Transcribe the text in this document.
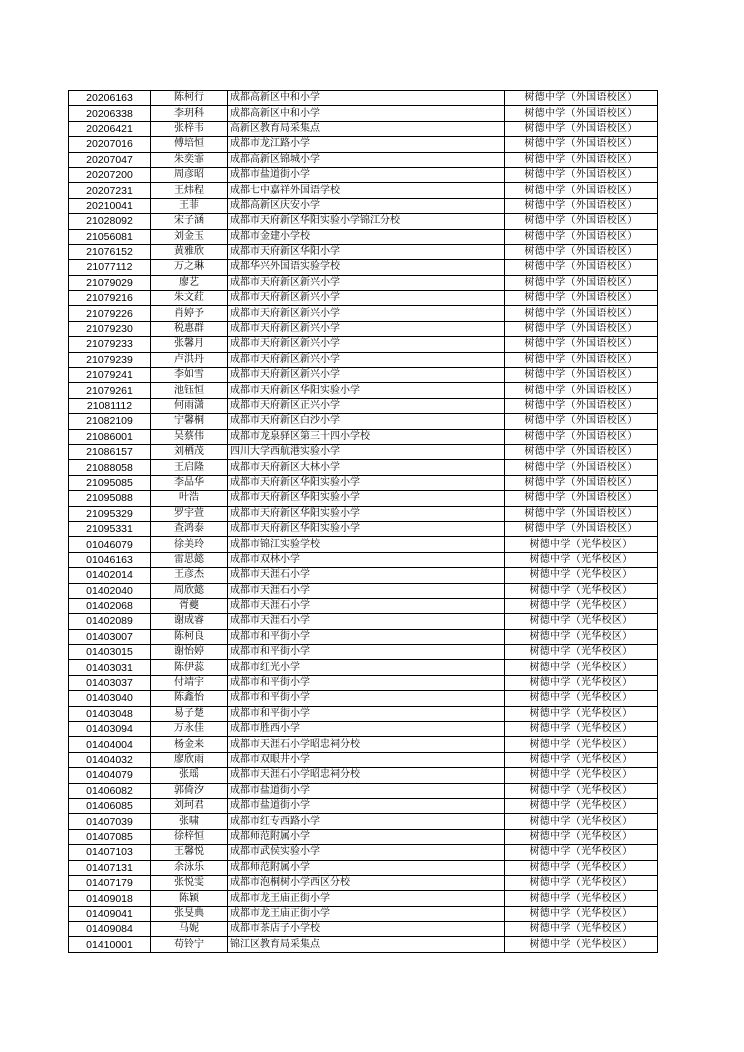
20206163	陈柯行	成都高新区中和小学	树德中学（外国语校区）
20206338	李玥科	成都高新区中和小学	树德中学（外国语校区）
20206421	张梓韦	高新区教育局采集点	树德中学（外国语校区）
20207016	傅培恒	成都市龙江路小学	树德中学（外国语校区）
20207047	朱奕霏	成都高新区锦城小学	树德中学（外国语校区）
20207200	周彦昭	成都市盐道街小学	树德中学（外国语校区）
20207231	王炜程	成都七中嘉祥外国语学校	树德中学（外国语校区）
20210041	王菲	成都高新区庆安小学	树德中学（外国语校区）
21028092	宋子涵	成都市天府新区华阳实验小学锦江分校	树德中学（外国语校区）
21056081	刘金玉	成都市金建小学校	树德中学（外国语校区）
21076152	黄雅欣	成都市天府新区华阳小学	树德中学（外国语校区）
21077112	万之琳	成都华兴外国语实验学校	树德中学（外国语校区）
21079029	廖艺	成都市天府新区新兴小学	树德中学（外国语校区）
21079216	朱文荭	成都市天府新区新兴小学	树德中学（外国语校区）
21079226	肖婷予	成都市天府新区新兴小学	树德中学（外国语校区）
21079230	税惠群	成都市天府新区新兴小学	树德中学（外国语校区）
21079233	张馨月	成都市天府新区新兴小学	树德中学（外国语校区）
21079239	卢洪丹	成都市天府新区新兴小学	树德中学（外国语校区）
21079241	李如雪	成都市天府新区新兴小学	树德中学（外国语校区）
21079261	池钰恒	成都市天府新区华阳实验小学	树德中学（外国语校区）
21081112	何雨潇	成都市天府新区正兴小学	树德中学（外国语校区）
21082109	宁馨桐	成都市天府新区白沙小学	树德中学（外国语校区）
21086001	吴蔡伟	成都市龙泉驿区第三十四小学校	树德中学（外国语校区）
21086157	刘栖茂	四川大学西航港实验小学	树德中学（外国语校区）
21088058	王启隆	成都市天府新区大林小学	树德中学（外国语校区）
21095085	李品华	成都市天府新区华阳实验小学	树德中学（外国语校区）
21095088	叶浩	成都市天府新区华阳实验小学	树德中学（外国语校区）
21095329	罗宇萱	成都市天府新区华阳实验小学	树德中学（外国语校区）
21095331	查鸿泰	成都市天府新区华阳实验小学	树德中学（外国语校区）
01046079	徐美玲	成都市锦江实验学校	树德中学（光华校区）
01046163	雷思懿	成都市双林小学	树德中学（光华校区）
01402014	王彦杰	成都市天涯石小学	树德中学（光华校区）
01402040	周欣懿	成都市天涯石小学	树德中学（光华校区）
01402068	胥夔	成都市天涯石小学	树德中学（光华校区）
01402089	谢成睿	成都市天涯石小学	树德中学（光华校区）
01403007	陈柯良	成都市和平街小学	树德中学（光华校区）
01403015	谢怡婷	成都市和平街小学	树德中学（光华校区）
01403031	陈伊蕊	成都市红光小学	树德中学（光华校区）
01403037	付靖宇	成都市和平街小学	树德中学（光华校区）
01403040	陈鑫怡	成都市和平街小学	树德中学（光华校区）
01403048	易子楚	成都市和平街小学	树德中学（光华校区）
01403094	万永佳	成都市胜西小学	树德中学（光华校区）
01404004	杨金来	成都市天涯石小学昭忠祠分校	树德中学（光华校区）
01404032	廖欣雨	成都市双眼井小学	树德中学（光华校区）
01404079	张瑶	成都市天涯石小学昭忠祠分校	树德中学（光华校区）
01406082	郭倚汐	成都市盐道街小学	树德中学（光华校区）
01406085	刘珂君	成都市盐道街小学	树德中学（光华校区）
01407039	张啸	成都市红专西路小学	树德中学（光华校区）
01407085	徐梓恒	成都师范附属小学	树德中学（光华校区）
01407103	王馨悦	成都市武侯实验小学	树德中学（光华校区）
01407131	余泳乐	成都师范附属小学	树德中学（光华校区）
01407179	张悦雯	成都市泡桐树小学西区分校	树德中学（光华校区）
01409018	陈颖	成都市龙王庙正街小学	树德中学（光华校区）
01409041	张旻典	成都市龙王庙正街小学	树德中学（光华校区）
01409084	马妮	成都市茶店子小学校	树德中学（光华校区）
01410001	苟铃宁	锦江区教育局采集点	树德中学（光华校区）
